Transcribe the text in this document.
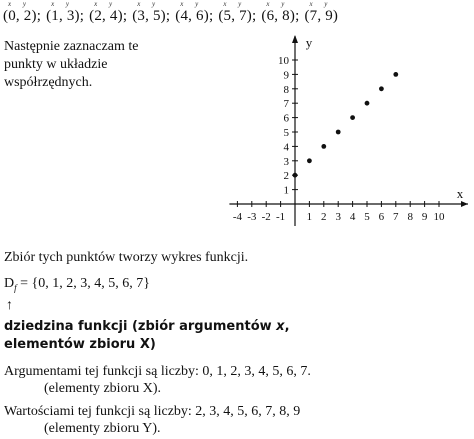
x y
(0, 2);
x y
(1, 3);
x y
(2, 4);
x y
(3, 5);
x y
(4, 6);
x y
(5, 7);
x y
(6, 8);
x y
(7, 9)
Następnie zaznaczam te punkty w układzie współrzędnych.
x
y
-4 -3 -2 -1 1 2 3 4 5 6 7 8 9 10
1
2
3
4
5
6
7
8
9
10
Zbiór tych punktów tworzy wykres funkcji.
$D_f = \{0$, 1, 2, 3, 4, 5, 6, 7}
↑
dziedzina funkcji (zbiór argumentów x,
elementów zbioru X)
Argumentami tej funkcji są liczby: 0, 1, 2, 3, 4, 5, 6, 7.
(elementy zbioru X).
Wartościami tej funkcji są liczby: 2, 3, 4, 5, 6, 7, 8, 9
(elementy zbioru Y).
